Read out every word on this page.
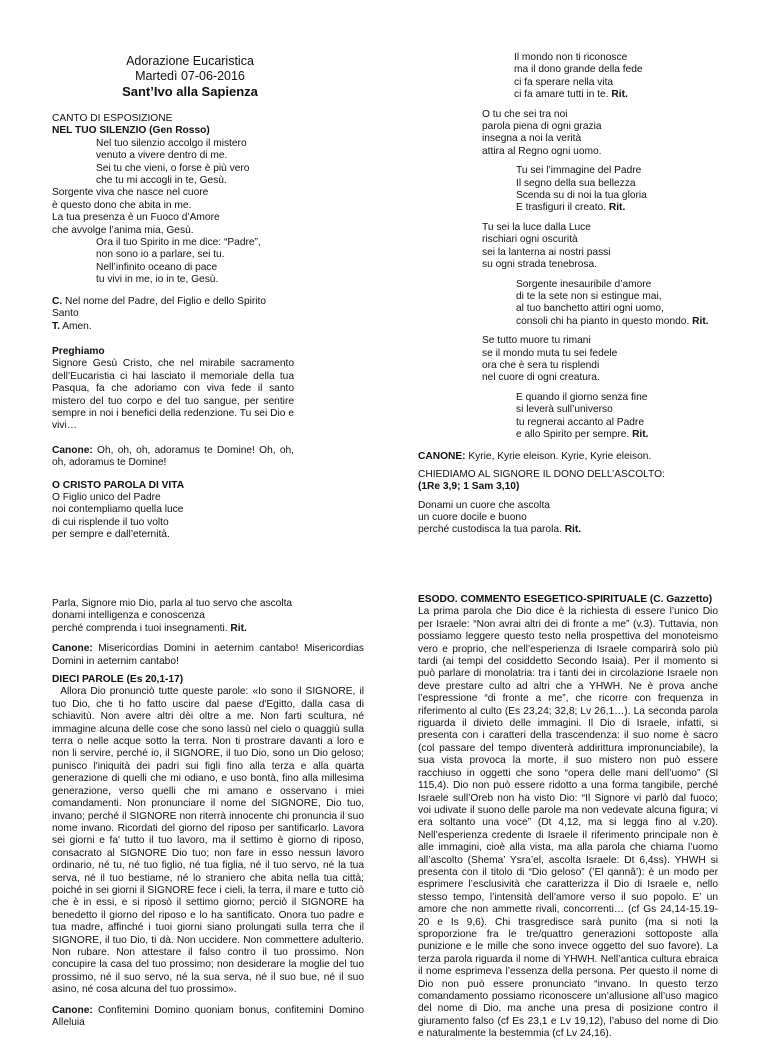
Adorazione Eucaristica

Martedì 07-06-2016

Sant’Ivo alla Sapienza

CANTO DI ESPOSIZIONE

NEL TUO SILENZIO (Gen Rosso)

Nel tuo silenzio accolgo il mistero

venuto a vivere dentro di me.

Sei tu che vieni, o forse è più vero

che tu mi accogli in te, Gesù.

Sorgente viva che nasce nel cuore

è questo dono che abita in me.

La tua presenza è un Fuoco d’Amore

che avvolge l’anima mia, Gesù.

Ora il tuo Spirito in me dice: “Padre”,

non sono io a parlare, sei tu.

Nell’infinito oceano di pace

tu vivi in me, io in te, Gesù.

C. Nel nome del Padre, del Figlio e dello Spirito Santo

T. Amen.

Preghiamo

Signore Gesù Cristo, che nel mirabile sacramento dell’Eucaristia ci hai lasciato il memoriale della tua Pasqua, fa che adoriamo con viva fede il santo mistero del tuo corpo e del tuo sangue, per sentire sempre in noi i benefici della redenzione. Tu sei Dio e vivi…

Canone: Oh, oh, oh, adoramus te Domine! Oh, oh, oh, adoramus te Domine!

O CRISTO PAROLA DI VITA

O Figlio unico del Padre

noi contempliamo quella luce

di cui risplende il tuo volto

per sempre e dall’eternità.

Il mondo non ti riconosce

ma il dono grande della fede

ci fa sperare nella vita

ci fa amare tutti in te. Rit.

O tu che sei tra noi

parola piena di ogni grazia

insegna a noi la verità

attira al Regno ogni uomo.

Tu sei l’immagine del Padre

Il segno della sua bellezza

Scenda su di noi la tua gloria

E trasfiguri il creato. Rit.

Tu sei la luce dalla Luce

rischiari ogni oscurità

sei la lanterna ai nostri passi

su ogni strada tenebrosa.

Sorgente inesauribile d’amore

di te la sete non si estingue mai,

al tuo banchetto attiri ogni uomo,

consoli chi ha pianto in questo mondo. Rit.

Se tutto muore tu rimani

se il mondo muta tu sei fedele

ora che è sera tu risplendi

nel cuore di ogni creatura.

E quando il giorno senza fine

si leverà sull’universo

tu regnerai accanto al Padre

e allo Spirito per sempre. Rit.

CANONE: Kyrie, Kyrie eleison. Kyrie, Kyrie eleison.

CHIEDIAMO AL SIGNORE IL DONO DELL’ASCOLTO:

(1Re 3,9; 1 Sam 3,10)

Donami un cuore che ascolta

un cuore docile e buono

perché custodisca la tua parola. Rit.

Parla, Signore mio Dio, parla al tuo servo che ascolta

donami intelligenza e conoscenza

perché comprenda i tuoi insegnamenti. Rit.

Canone: Misericordias Domini in aeternim cantabo! Misericordias Domini in aeternim cantabo!

DIECI PAROLE (Es 20,1-17)

Allora Dio pronunciò tutte queste parole: «Io sono il SIGNORE, il tuo Dio, che ti ho fatto uscire dal paese d'Egitto, dalla casa di schiavitù. Non avere altri dèi oltre a me. Non farti scultura, né immagine alcuna delle cose che sono lassù nel cielo o quaggiù sulla terra o nelle acque sotto la terra. Non ti prostrare davanti a loro e non li servire, perché io, il SIGNORE, il tuo Dio, sono un Dio geloso; punisco l'iniquità dei padri sui figli fino alla terza e alla quarta generazione di quelli che mi odiano, e uso bontà, fino alla millesima generazione, verso quelli che mi amano e osservano i miei comandamenti. Non pronunciare il nome del SIGNORE, Dio tuo, invano; perché il SIGNORE non riterrà innocente chi pronuncia il suo nome invano. Ricordati del giorno del riposo per santificarlo. Lavora sei giorni e fa' tutto il tuo lavoro, ma il settimo è giorno di riposo, consacrato al SIGNORE Dio tuo; non fare in esso nessun lavoro ordinario, né tu, né tuo figlio, né tua figlia, né il tuo servo, né la tua serva, né il tuo bestiame, né lo straniero che abita nella tua città; poiché in sei giorni il SIGNORE fece i cieli, la terra, il mare e tutto ciò che è in essi, e si riposò il settimo giorno; perciò il SIGNORE ha benedetto il giorno del riposo e lo ha santificato. Onora tuo padre e tua madre, affinché i tuoi giorni siano prolungati sulla terra che il SIGNORE, il tuo Dio, ti dà. Non uccidere. Non commettere adulterio. Non rubare. Non attestare il falso contro il tuo prossimo. Non concupire la casa del tuo prossimo; non desiderare la moglie del tuo prossimo, né il suo servo, né la sua serva, né il suo bue, né il suo asino, né cosa alcuna del tuo prossimo».

Canone: Confitemini Domino quoniam bonus, confitemini Domino Alleluia

ESODO. COMMENTO ESEGETICO-SPIRITUALE (C. Gazzetto)

La prima parola che Dio dice è la richiesta di essere l’unico Dio per Israele: “Non avrai altri dei di fronte a me” (v.3). Tuttavia, non possiamo leggere questo testo nella prospettiva del monoteismo vero e proprio, che nell’esperienza di Israele comparirà solo più tardi (ai tempi del cosiddetto Secondo Isaia). Per il momento si può parlare di monolatria: tra i tanti dei in circolazione Israele non deve prestare culto ad altri che a YHWH. Ne è prova anche l’espressione “di fronte a me”, che ricorre con frequenza in riferimento al culto (Es 23,24; 32,8; Lv 26,1…). La seconda parola riguarda il divieto delle immagini. Il Dio di Israele, infatti, si presenta con i caratteri della trascendenza: il suo nome è sacro (col passare del tempo diventerà addirittura impronunciabile), la sua vista provoca la morte, il suo mistero non può essere racchiuso in oggetti che sono “opera delle mani dell’uomo” (Sl 115,4). Dio non può essere ridotto a una forma tangibile, perché Israele sull’Oreb non ha visto Dio: “Il Signore vi parlò dal fuoco; voi udivate il suono delle parole ma non vedevate alcuna figura; vi era soltanto una voce” (Dt 4,12, ma si legga fino al v.20). Nell’esperienza credente di Israele il riferimento principale non è alle immagini, cioè alla vista, ma alla parola che chiama l’uomo all’ascolto (Shema’ Ysra’el, ascolta Israele: Dt 6,4ss). YHWH si presenta con il titolo di “Dio geloso” (’El qannâ’): è un modo per esprimere l’esclusività che caratterizza il Dio di Israele e, nello stesso tempo, l’intensità dell’amore verso il suo popolo. E’ un amore che non ammette rivali, concorrenti… (cf Gs 24,14-15.19-20 e Is 9,6). Chi trasgredisce sarà punito (ma si noti la sproporzione fra le tre/quattro generazioni sottoposte alla punizione e le mille che sono invece oggetto del suo favore). La terza parola riguarda il nome di YHWH. Nell’antica cultura ebraica il nome esprimeva l’essenza della persona. Per questo il nome di Dio non può essere pronunciato “invano. In questo terzo comandamento possiamo riconoscere un’allusione all’uso magico del nome di Dio, ma anche una presa di posizione contro il giuramento falso (cf Es 23,1 e Lv 19,12), l’abuso del nome di Dio e naturalmente la bestemmia (cf Lv 24,16).
